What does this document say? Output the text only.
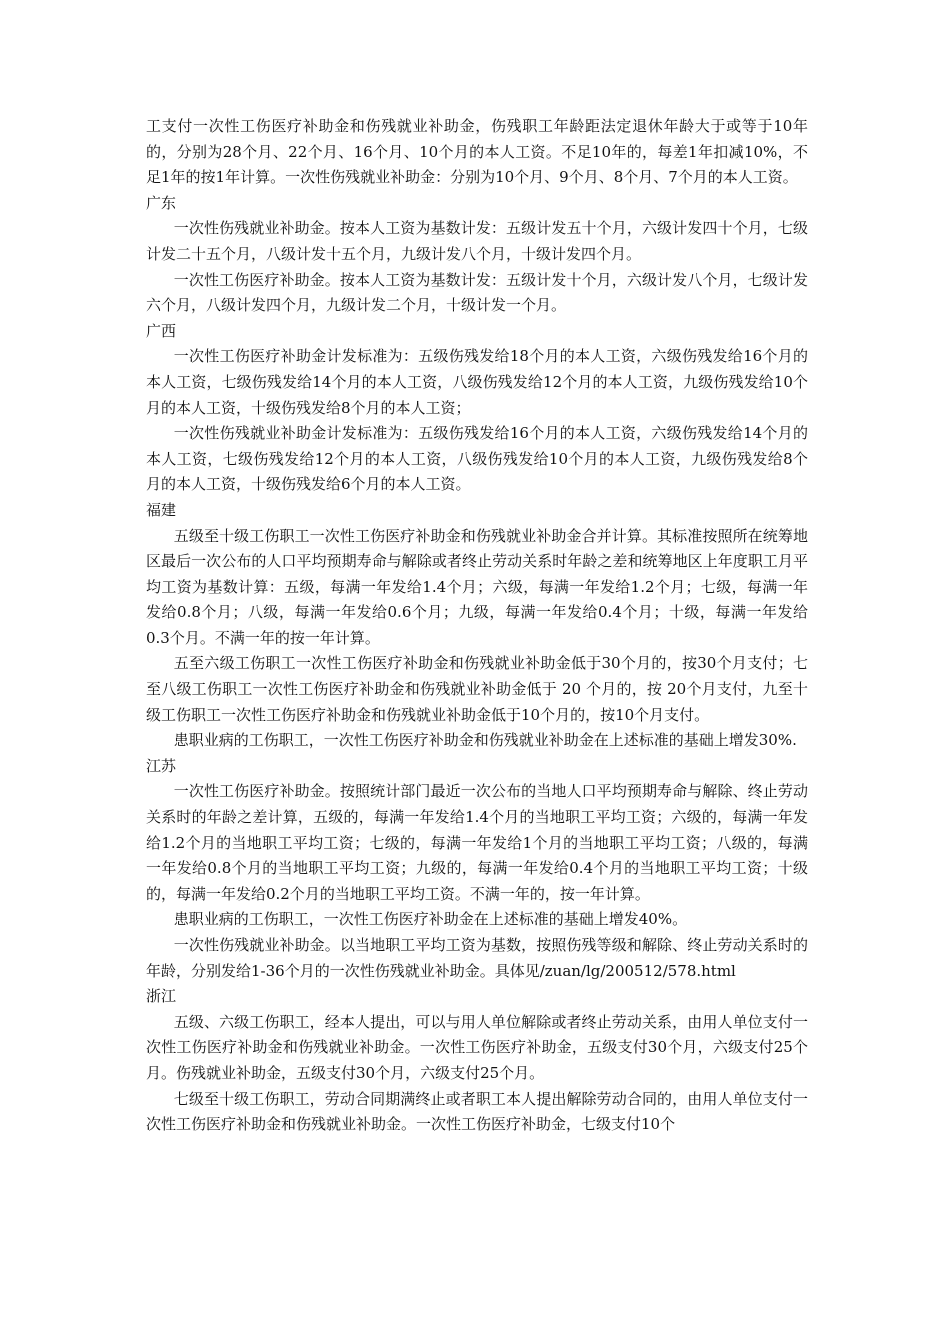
工支付一次性工伤医疗补助金和伤残就业补助金，伤残职工年龄距法定退休年龄大于或等于10年的，分别为28个月、22个月、16个月、10个月的本人工资。不足10年的，每差1年扣减10%，不足1年的按1年计算。一次性伤残就业补助金：分别为10个月、9个月、8个月、7个月的本人工资。

广东

一次性伤残就业补助金。按本人工资为基数计发：五级计发五十个月，六级计发四十个月，七级计发二十五个月，八级计发十五个月，九级计发八个月，十级计发四个月。

一次性工伤医疗补助金。按本人工资为基数计发：五级计发十个月，六级计发八个月，七级计发六个月，八级计发四个月，九级计发二个月，十级计发一个月。

广西

一次性工伤医疗补助金计发标准为：五级伤残发给18个月的本人工资，六级伤残发给16个月的本人工资，七级伤残发给14个月的本人工资，八级伤残发给12个月的本人工资，九级伤残发给10个月的本人工资，十级伤残发给8个月的本人工资；

一次性伤残就业补助金计发标准为：五级伤残发给16个月的本人工资，六级伤残发给14个月的本人工资，七级伤残发给12个月的本人工资，八级伤残发给10个月的本人工资，九级伤残发给8个月的本人工资，十级伤残发给6个月的本人工资。

福建

五级至十级工伤职工一次性工伤医疗补助金和伤残就业补助金合并计算。其标准按照所在统筹地区最后一次公布的人口平均预期寿命与解除或者终止劳动关系时年龄之差和统筹地区上年度职工月平均工资为基数计算：五级，每满一年发给1.4个月；六级，每满一年发给1.2个月；七级，每满一年发给0.8个月；八级，每满一年发给0.6个月；九级，每满一年发给0.4个月；十级，每满一年发给0.3个月。不满一年的按一年计算。

五至六级工伤职工一次性工伤医疗补助金和伤残就业补助金低于30个月的，按30个月支付；七至八级工伤职工一次性工伤医疗补助金和伤残就业补助金低于 20 个月的，按 20个月支付，九至十级工伤职工一次性工伤医疗补助金和伤残就业补助金低于10个月的，按10个月支付。

患职业病的工伤职工，一次性工伤医疗补助金和伤残就业补助金在上述标准的基础上增发30%.

江苏

一次性工伤医疗补助金。按照统计部门最近一次公布的当地人口平均预期寿命与解除、终止劳动关系时的年龄之差计算，五级的，每满一年发给1.4个月的当地职工平均工资；六级的，每满一年发给1.2个月的当地职工平均工资；七级的，每满一年发给1个月的当地职工平均工资；八级的，每满一年发给0.8个月的当地职工平均工资；九级的，每满一年发给0.4个月的当地职工平均工资；十级的，每满一年发给0.2个月的当地职工平均工资。不满一年的，按一年计算。

患职业病的工伤职工，一次性工伤医疗补助金在上述标准的基础上增发40%。

一次性伤残就业补助金。以当地职工平均工资为基数，按照伤残等级和解除、终止劳动关系时的年龄，分别发给1-36个月的一次性伤残就业补助金。具体见/zuan/lg/200512/578.html

浙江

五级、六级工伤职工，经本人提出，可以与用人单位解除或者终止劳动关系，由用人单位支付一次性工伤医疗补助金和伤残就业补助金。一次性工伤医疗补助金，五级支付30个月，六级支付25个月。伤残就业补助金，五级支付30个月，六级支付25个月。

七级至十级工伤职工，劳动合同期满终止或者职工本人提出解除劳动合同的，由用人单位支付一次性工伤医疗补助金和伤残就业补助金。一次性工伤医疗补助金，七级支付10个
